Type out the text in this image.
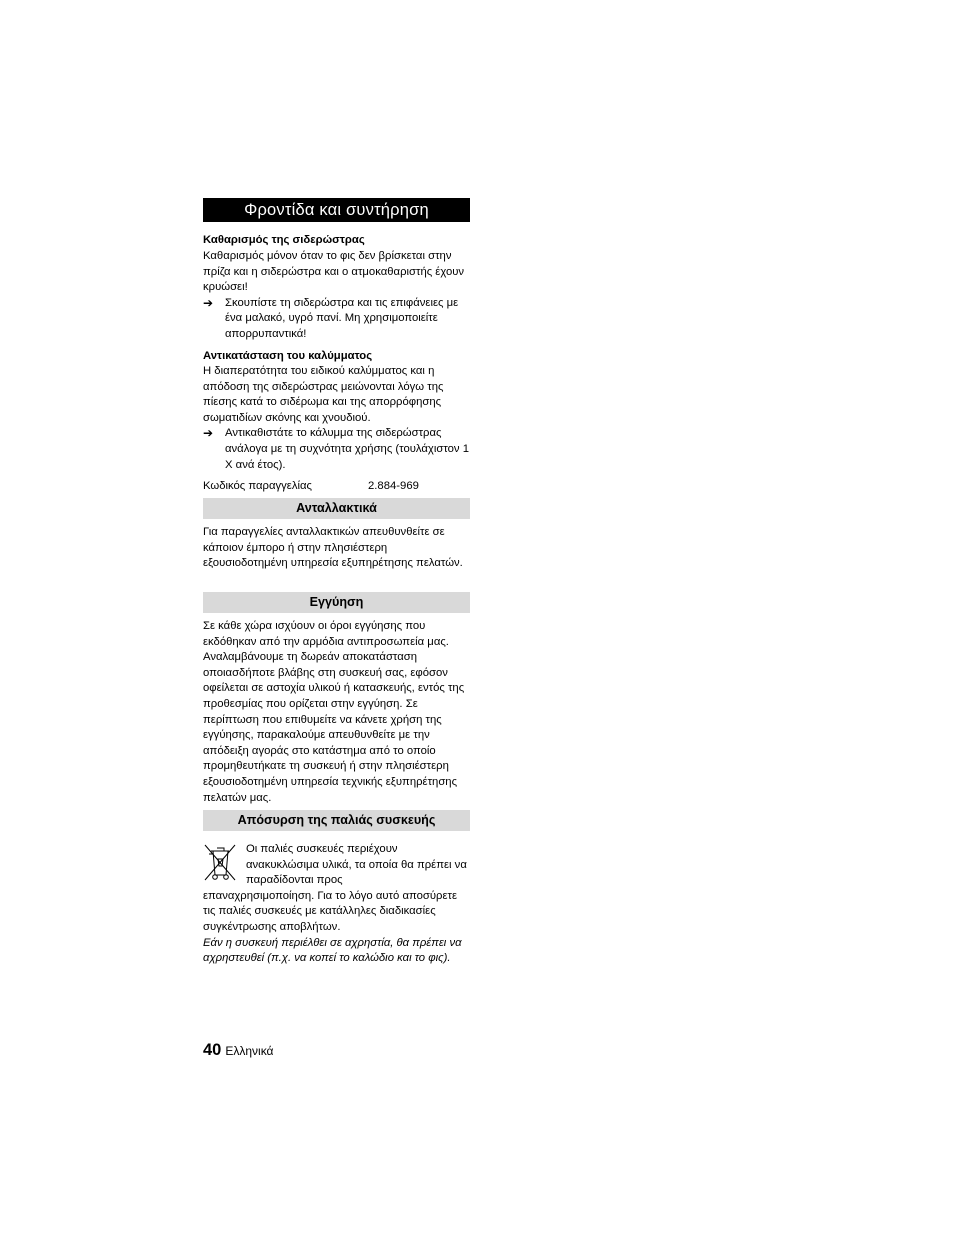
Φροντίδα και συντήρηση
Καθαρισμός της σιδερώστρας

Καθαρισμός μόνον όταν το φις δεν βρίσκεται στην πρίζα και η σιδερώστρα και ο ατμοκαθαριστής έχουν κρυώσει!

➔	Σκουπίστε τη σιδερώστρα και τις επιφάνειες με ένα μαλακό, υγρό πανί. Μη χρησιμοποιείτε απορρυπαντικά!

Αντικατάσταση του καλύμματος

Η διαπερατότητα του ειδικού καλύμματος και η απόδοση της σιδερώστρας μειώνονται λόγω της πίεσης κατά το σιδέρωμα και της απορρόφησης σωματιδίων σκόνης και χνουδιού.

➔	Αντικαθιστάτε το κάλυμμα της σιδερώστρας ανάλογα με τη συχνότητα χρήσης (τουλάχιστον 1 Χ ανά έτος).

Κωδικός παραγγελίας	2.884-969
Ανταλλακτικά

Για παραγγελίες ανταλλακτικών απευθυνθείτε σε κάποιον έμπορο ή στην πλησιέστερη εξουσιοδοτημένη υπηρεσία εξυπηρέτησης πελατών.

Εγγύηση

Σε κάθε χώρα ισχύουν οι όροι εγγύησης που εκδόθηκαν από την αρμόδια αντιπροσωπεία μας. Αναλαμβάνουμε τη δωρεάν αποκατάσταση οποιασδήποτε βλάβης στη συσκευή σας, εφόσον οφείλεται σε αστοχία υλικού ή κατασκευής, εντός της προθεσμίας που ορίζεται στην εγγύηση. Σε περίπτωση που επιθυμείτε να κάνετε χρήση της εγγύησης, παρακαλούμε απευθυνθείτε με την απόδειξη αγοράς στο κατάστημα από το οποίο προμηθευτήκατε τη συσκευή ή στην πλησιέστερη εξουσιοδοτημένη υπηρεσία τεχνικής εξυπηρέτησης πελατών μας.

Απόσυρση της παλιάς συσκευής

Οι παλιές συσκευές περιέχουν ανακυκλώσιμα υλικά, τα οποία θα πρέπει να παραδίδονται προς

επαναχρησιμοποίηση. Για το λόγο αυτό αποσύρετε τις παλιές συσκευές με κατάλληλες διαδικασίες συγκέντρωσης αποβλήτων.

Εάν η συσκευή περιέλθει σε αχρηστία, θα πρέπει να αχρηστευθεί (π.χ. να κοπεί το καλώδιο και το φις).

40 Ελληνικά
